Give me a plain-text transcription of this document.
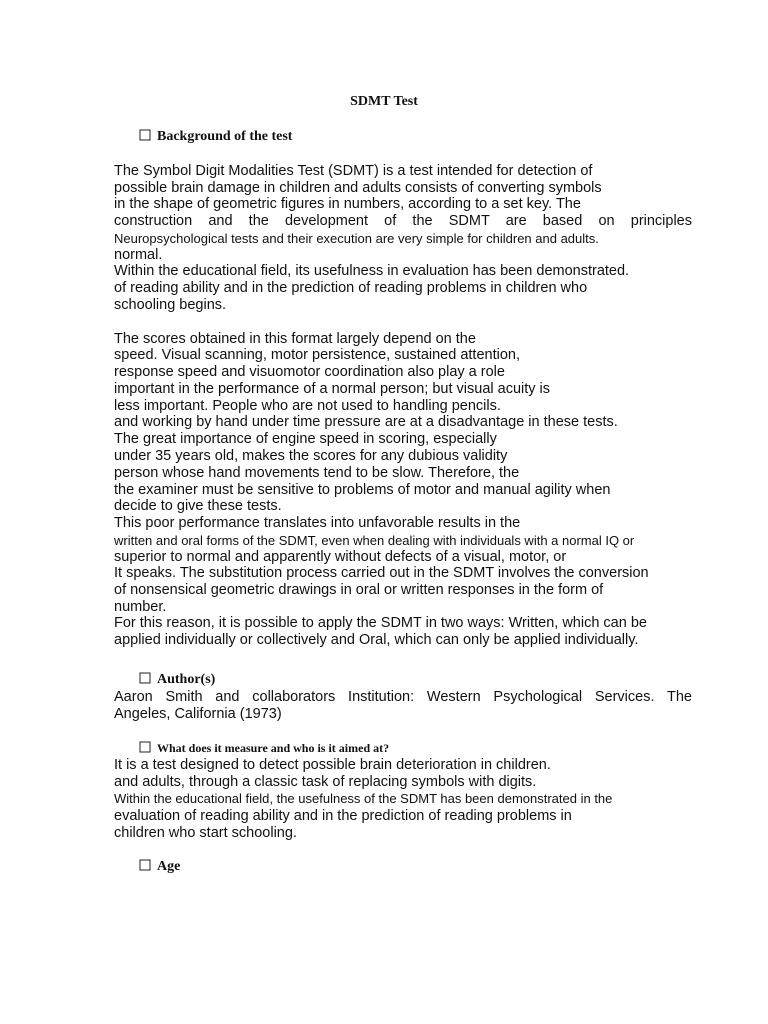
SDMT Test
Background of the test
The Symbol Digit Modalities Test (SDMT) is a test intended for detection of
possible brain damage in children and adults consists of converting symbols
in the shape of geometric figures in numbers, according to a set key. The
construction and the development of the SDMT are based on principles
Neuropsychological tests and their execution are very simple for children and adults.
normal.
Within the educational field, its usefulness in evaluation has been demonstrated.
of reading ability and in the prediction of reading problems in children who
schooling begins.
The scores obtained in this format largely depend on the
speed. Visual scanning, motor persistence, sustained attention,
response speed and visuomotor coordination also play a role
important in the performance of a normal person; but visual acuity is
less important. People who are not used to handling pencils.
and working by hand under time pressure are at a disadvantage in these tests.
The great importance of engine speed in scoring, especially
under 35 years old, makes the scores for any dubious validity
person whose hand movements tend to be slow. Therefore, the
the examiner must be sensitive to problems of motor and manual agility when
decide to give these tests.
This poor performance translates into unfavorable results in the
written and oral forms of the SDMT, even when dealing with individuals with a normal IQ or
superior to normal and apparently without defects of a visual, motor, or
It speaks. The substitution process carried out in the SDMT involves the conversion
of nonsensical geometric drawings in oral or written responses in the form of
number.
For this reason, it is possible to apply the SDMT in two ways: Written, which can be
applied individually or collectively and Oral, which can only be applied individually.
Author(s)
Aaron Smith and collaborators Institution: Western Psychological Services. The
Angeles, California (1973)
What does it measure and who is it aimed at?
It is a test designed to detect possible brain deterioration in children.
and adults, through a classic task of replacing symbols with digits.
Within the educational field, the usefulness of the SDMT has been demonstrated in the
evaluation of reading ability and in the prediction of reading problems in
children who start schooling.
Age
